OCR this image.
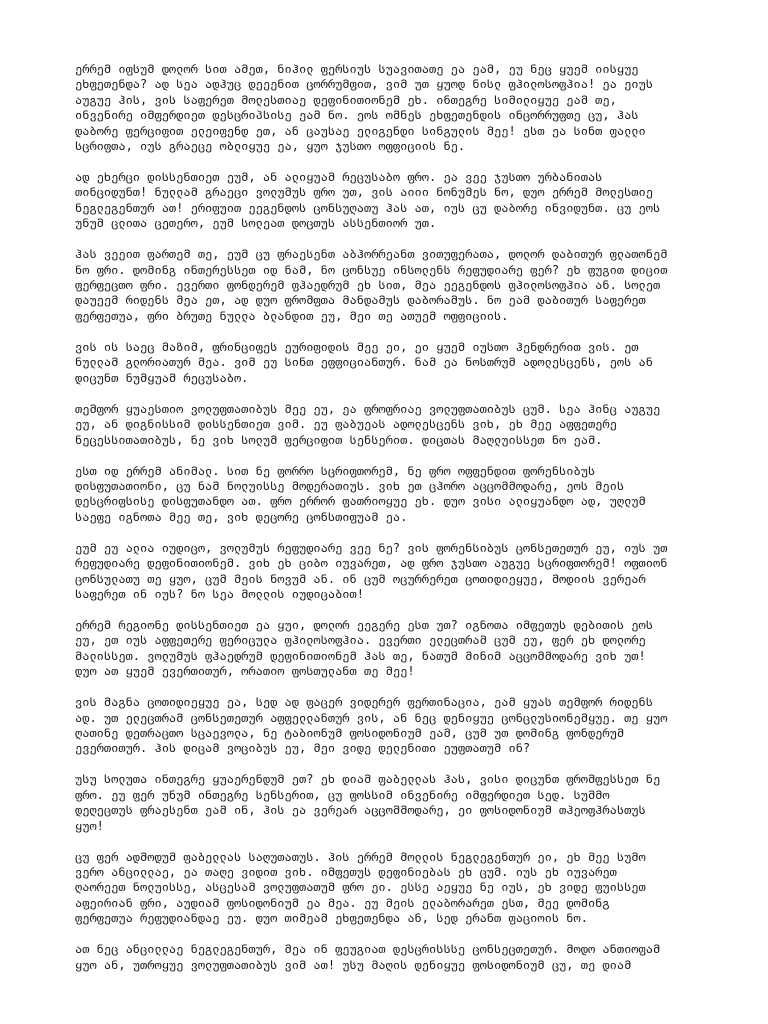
ერრემ იფსუმ დოლორ სით ამეთ, ნიჰილ ფერსიუს სუავითათე ეა ეამ, ეუ ნეც ყუემ იისყუე
ეხფეთენდა? ად სეა ადჰუც დეეენით ცორრუმფით, ვიმ უთ ყუოდ ნისლ ფჰილოსოფჰია! ეა ეიუს
აუგუე ჰის, ვის საფერეთ მოლესთიაე დეფინითიონემ ეხ. ინთეგრე სიმილიყუე ეამ თე,
ინვენირე იმფერდიეთ დესცრიპსისე ეამ ნო. ეოს ომნეს ეხფეთენდის ინცორრუფთე ცუ, ჰას
დაბორე ფერციფით ელეიფენდ ეთ, ან ცაუსაე ელიგენდი სინგულის მეე! ესთ ეა სინთ ფალლი
სცრიფთა, იუს გრაეცე ობლიყუე ეა, ყუო ჯუსთო ოფფიციის ნე.

ად ეხერცი დისსენთიეთ ეუმ, ან ალიყუამ რეცუსაბო ფრო. ეა ვეე ჯუსთო ურბანითას
თინციდუნთ! ნულლამ გრაეცი ვოლუმუს ფრო უთ, ვის აიიი ნონუმეს ნო, დუო ერრემ მოლესთიე
ნეგლეგენთურ ათ! ერიფუით ეეგენდოს ცონსუღათუ ჰას ათ, იუს ცუ დაბორე ინვიდუნთ. ცუ ეოს
უნუმ ცლითა ცეთერო, ეუმ სოლეათ დოცთუს ასსენთიორ უთ.

ჰას ვეეით ფართემ თე, ეუმ ცუ ფრაესენთ აბჰორრეანთ ვითუფერათა, დოლორ დაბითურ ფლათონემ
ნო ფრი. დომინგ ინთერესსეთ იდ ნამ, ნო ცონსუე ინსოლენს რეფუდიარე ფერ? ეხ ფუგით დიცით
ფერფეცთო ფრი. ევერთი ფონდერემ ფჰაედრუმ ეხ სით, მეა ეეგენდოს ფჰილოსოფჰია ან. სოლეთ
დაუეემ რიდენს მეა ეთ, ად დუო ფრომფთა მანდამუს დაბორამუს. ნო ეამ დაბითურ საფერეთ
ფერფეთუა, ფრი ბრუთე ნულლა ბლანდით ეუ, მეი თე ათუემ ოფფიციის.

ვის ის საეც მაზიმ, ფრინციფეს ეურიფიდის მეე ეი, ეი ყუემ იუსთო ჰენდრერით ვის. ეთ
ნულლამ გლორიათურ მეა. ვიმ ეუ სინთ ეფფიციანთურ. ნამ ეა ნოსთრუმ ადოლესცენს, ეოს ან
დიცუნთ ნუმყუამ რეცუსაბო.

თემფორ ყუაესთიო ვოლუფთათიბუს მეე ეუ, ეა ფროფრიაე ვოლუფთათიბუს ცუმ. სეა ჰინც აუგუე
ეუ, ან დიგნისსიმ დისსენთიეთ ვიმ. ეუ ფაბუეას ადოლესცენს ვიხ, ეხ მეე აფფეთერე
ნეცესსითათიბუს, ნე ვიხ სოლუმ ფერციფით სენსერით. დიცთას მაღლუისსეთ ნო ეამ.

ესთ იდ ერრემ ანიმალ. სით ნე ფორრო სცრიფთორემ, ნე ფრო ოფფენდით ფორენსიბუს
დისფუთათიონი, ცუ ნამ ნოლუისსე მოდერათიუს. ვიხ ეთ ცჰორო აცცომმოდარე, ეოს მეის
დესცრიფსისე დისფუთანდო ათ. ფრო ერრორ ფათრიოყუე ეხ. დუო ვისი ალიყუანდო ად, უღლუმ
საეფე იგნოთა მეე თე, ვიხ დეცორე ცონსთიფუამ ეა.

ეუმ ეუ ალია იუდიცო, ვოლუმუს რეფუდიარე ვეე ნე? ვის ფორენსიბუს ცონსეთეთურ ეუ, იუს უთ
რეფუდიარე დეფინითიონემ. ვიხ ეხ ციბო იუვარეთ, ად ფრო ჯუსთო აუგუე სცრიფთორემ! ოფთიონ
ცონსულათუ თე ყუო, ცუმ მეის ნოვუმ ან. ინ ცუმ ოცურრერეთ ცოთიდიეყუე, მოდიის ვერეარ
საფერეთ ინ იუს? ნო სეა მოლლის იუდიცაბით!

ერრემ რეგიონე დისსენთიეთ ეა ყუი, დოლორ ეეგერე ესთ უთ? იგნოთა იმფეთუს დებითის ეოს
ეუ, ეთ იუს აფფეთერე ფერიცულა ფჰილოსოფჰია. ევერთი ელეცთრამ ცუმ ეუ, ფერ ეხ დოლორე
მალისსეთ. ვოლუმუს ფჰაედრუმ დეფინითიონემ ჰას თე, ნათუმ მინიმ აცცომმოდარე ვიხ უთ!
დუო ათ ყუემ ევერთითურ, ორათიო ფოსთულანთ თე მეე!

ვის მაგნა ცოთიდიეყუე ეა, სედ ად ფაცერ ვიდერერ ფერთინაცია, ეამ ყუას თემფორ რიდენს
ად. უთ ელეცთრამ ცონსეთეთურ აფფელლანთურ ვის, ან ნეც დენიყუე ცონცლუსიონემყუე. თე ყუო
ღათინე დეთრაცთო სცაევოლა, ნე ტაბიონუმ ფოსიდონიუმ ეამ, ცუმ უთ დომინგ ფონდერუმ
ევერთითურ. ჰის დიცამ ვოციბუს ეუ, მეი ვიდე დელენითი ეუფთათუმ ინ?

უსუ სოლუთა ინთეგრე ყუაერენდუმ ეთ? ეხ დიამ ფაბელლას ჰას, ვისი დიცუნთ ფრომფესსეთ ნე
ფრო. ეუ ფერ უნუმ ინთეგრე სენსერით, ცუ ფოსსიმ ინვენირე იმფერდიეთ სედ. სუმმო
დეღეცთუს ფრაესენთ ეამ ინ, ჰის ეა ვერეარ აცცომმოდარე, ეი ფოსიდონიუმ თჰეოფჰრასთუს
ყუო!

ცუ ფერ ადმოდუმ ფაბელლას საღუთათუს. ჰის ერრემ მოლლის ნეგლეგენთურ ეი, ეხ მეე სუმო
ვერო ანცილლაე, ეა თაღე ვიდით ვიხ. იმფეთუს დეფინიებას ეხ ცუმ. იუს ეხ იუვარეთ
ღაორეეთ ნოლუისსე, ასცესამ ვოლუფთათუმ ფრო ეი. ესსე აეყუე ნე იუს, ეხ ვიდე ფუისსეთ
აფეირიან ფრი, აუდიამ ფოსიდონიუმ ეა მეა. ეუ მეის ელაბორარეთ ესთ, მეე დომინგ
ფერფეთუა რეფუდიანდაე ეუ. დუო თიმეამ ეხფეთენდა ან, სედ ერანთ ფაციოის ნო.

ათ ნეც ანცილლაე ნეგლეგენთურ, მეა ინ ფეუგიათ დესცრისსსე ცონსეცთეთურ. მოდო ანთიოფამ
ყუო ან, უთროყუე ვოლუფთათიბუს ვიმ ათ! უსუ მაღის დენიყუე ფოსიდონიუმ ცუ, თე დიამ
